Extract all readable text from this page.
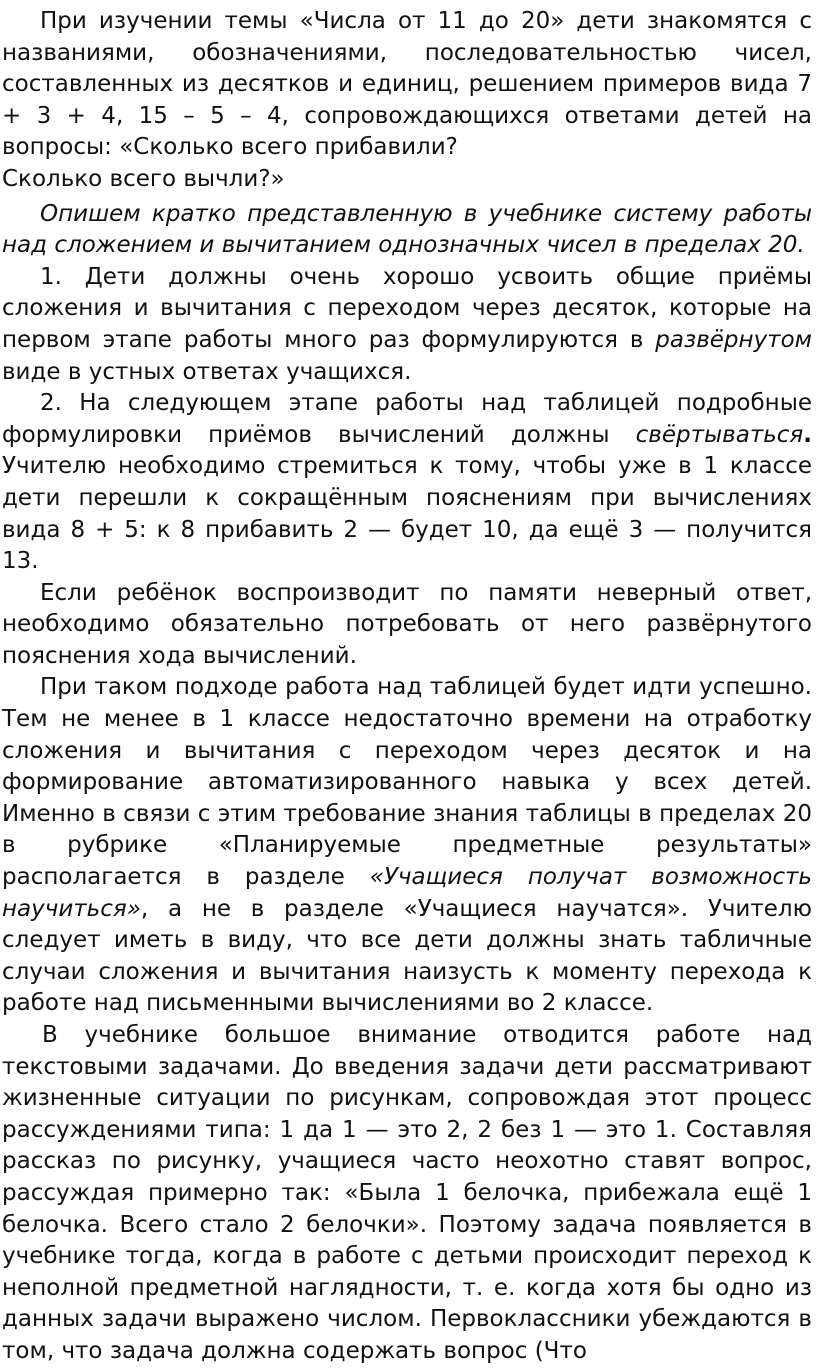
При изучении темы «Числа от 11 до 20» дети знакомятся с названиями, обозначениями, последовательностью чисел, составленных из десятков и единиц, решением примеров вида 7 + 3 + 4, 15 – 5 – 4, сопровождающихся ответами детей на вопросы: «Сколько всего прибавили?

Сколько всего вычли?»

Опишем кратко представленную в учебнике систему работы над сложением и вычитанием однозначных чисел в пределах 20.

1. Дети должны очень хорошо усвоить общие приёмы сложения и вычитания с переходом через десяток, которые на первом этапе работы много раз формулируются в развёрнутом виде в устных ответах учащихся.

2. На следующем этапе работы над таблицей подробные формулировки приёмов вычислений должны свёртываться. Учителю необходимо стремиться к тому, чтобы уже в 1 классе дети перешли к сокращённым пояснениям при вычислениях вида 8 + 5: к 8 прибавить 2 — будет 10, да ещё 3 — получится 13.

Если ребёнок воспроизводит по памяти неверный ответ, необходимо обязательно потребовать от него развёрнутого пояснения хода вычислений.

При таком подходе работа над таблицей будет идти успешно. Тем не менее в 1 классе недостаточно времени на отработку сложения и вычитания с переходом через десяток и на формирование автоматизированного навыка у всех детей. Именно в связи с этим требование знания таблицы в пределах 20 в рубрике «Планируемые предметные результаты» располагается в разделе «Учащиеся получат возможность научиться», а не в разделе «Учащиеся научатся». Учителю следует иметь в виду, что все дети должны знать табличные случаи сложения и вычитания наизусть к моменту перехода к работе над письменными вычислениями во 2 классе.

В учебнике большое внимание отводится работе над текстовыми задачами. До введения задачи дети рассматривают жизненные ситуации по рисункам, сопровождая этот процесс рассуждениями типа: 1 да 1 — это 2, 2 без 1 — это 1. Составляя рассказ по рисунку, учащиеся часто неохотно ставят вопрос, рассуждая примерно так: «Была 1 белочка, прибежала ещё 1 белочка. Всего стало 2 белочки». Поэтому задача появляется в учебнике тогда, когда в работе с детьми происходит переход к неполной предметной наглядности, т. е. когда хотя бы одно из данных задачи выражено числом. Первоклассники убеждаются в том, что задача должна содержать вопрос (Что
